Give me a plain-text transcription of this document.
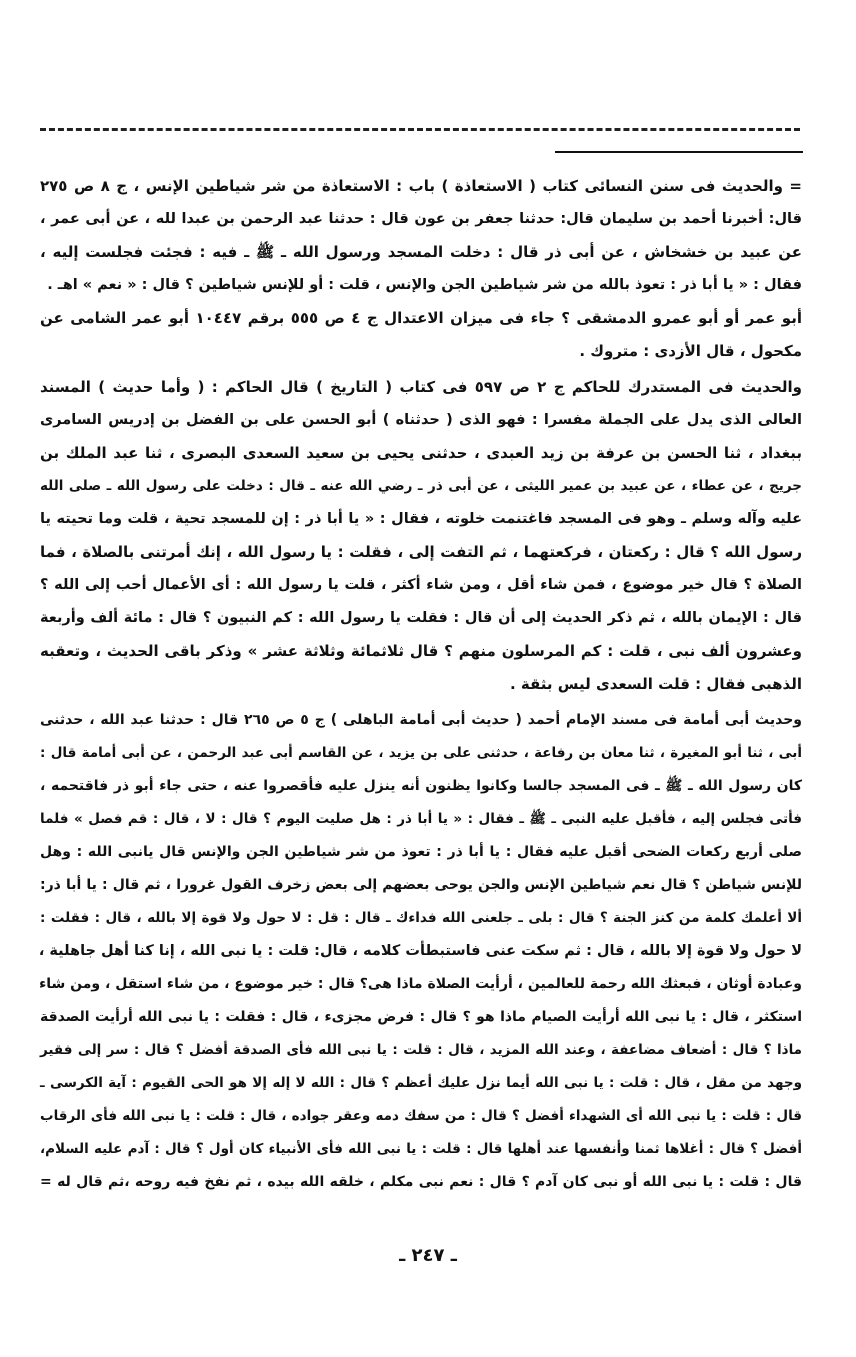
= والحديث فى سنن النسائى كتاب ( الاستعاذة ) باب : الاستعاذة من شر شياطين الإنس ، ج ٨ ص ٢٧٥
قال: أخبرنا أحمد بن سليمان قال: حدثنا جعفر بن عون قال : حدثنا عبد الرحمن بن عبدا لله ، عن أبى عمر ،
عن عبيد بن خشخاش ، عن أبى ذر قال : دخلت المسجد ورسول الله ـ ﷺ ـ فيه : فجئت فجلست إليه ،
فقال : « يا أبا ذر : تعوذ بالله من شر شياطين الجن والإنس ، قلت : أو للإنس شياطين ؟ قال : « نعم » اهـ .
أبو عمر أو أبو عمرو الدمشقى ؟ جاء فى ميزان الاعتدال ج ٤ ص ٥٥٥ برقم ١٠٤٤٧ أبو عمر الشامى عن
مكحول ، قال الأزدى : متروك .
والحديث فى المستدرك للحاكم ج ٢ ص ٥٩٧ فى كتاب ( التاريخ ) قال الحاكم : ( وأما حديث ) المسند
العالى الذى يدل على الجملة مفسرا : فهو الذى ( حدثناه ) أبو الحسن على بن الفضل بن إدريس السامرى
ببغداد ، ثنا الحسن بن عرفة بن زيد العبدى ، حدثنى يحيى بن سعيد السعدى البصرى ، ثنا عبد الملك بن
جريج ، عن عطاء ، عن عبيد بن عمير الليثى ، عن أبى ذر ـ رضي الله عنه ـ قال : دخلت على رسول الله ـ صلى الله
عليه وآله وسلم ـ وهو فى المسجد فاغتنمت خلوته ، فقال : « يا أبا ذر : إن للمسجد تحية ، قلت وما تحيته يا
رسول الله ؟ قال : ركعتان ، فركعتهما ، ثم التفت إلى ، فقلت : يا رسول الله ، إنك أمرتنى بالصلاة ، فما
الصلاة ؟ قال خير موضوع ، فمن شاء أقل ، ومن شاء أكثر ، قلت يا رسول الله : أى الأعمال أحب إلى الله ؟
قال : الإيمان بالله ، ثم ذكر الحديث إلى أن قال : فقلت يا رسول الله : كم النبيون ؟ قال : مائة ألف وأربعة
وعشرون ألف نبى ، قلت : كم المرسلون منهم ؟ قال ثلاثمائة وثلاثة عشر » وذكر باقى الحديث ، وتعقبه
الذهبى فقال : قلت السعدى ليس بثقة .
وحديث أبى أمامة فى مسند الإمام أحمد ( حديث أبى أمامة الباهلى ) ج ٥ ص ٢٦٥ قال : حدثنا عبد الله ، حدثنى
أبى ، ثنا أبو المغيرة ، ثنا معان بن رفاعة ، حدثنى على بن يزيد ، عن القاسم أبى عبد الرحمن ، عن أبى أمامة قال :
كان رسول الله ـ ﷺ ـ فى المسجد جالسا وكانوا يظنون أنه ينزل عليه فأقصروا عنه ، حتى جاء أبو ذر فاقتحمه ،
فأتى فجلس إليه ، فأقبل عليه النبى ـ ﷺ ـ فقال : « يا أبا ذر : هل صليت اليوم ؟ قال : لا ، قال : قم فصل » فلما
صلى أربع ركعات الضحى أقبل عليه فقال : يا أبا ذر : تعوذ من شر شياطين الجن والإنس قال يانبى الله : وهل
للإنس شياطن ؟ قال نعم شياطين الإنس والجن يوحى بعضهم إلى بعض زخرف القول غرورا ، ثم قال : يا أبا ذر:
ألا أعلمك كلمة من كنز الجنة ؟ قال : بلى ـ جلعنى الله فداءك ـ قال : قل : لا حول ولا قوة إلا بالله ، قال : فقلت :
لا حول ولا قوة إلا بالله ، قال : ثم سكت عنى فاستبطأت كلامه ، قال: قلت : يا نبى الله ، إنا كنا أهل جاهلية ،
وعبادة أوثان ، فبعثك الله رحمة للعالمين ، أرأيت الصلاة ماذا هى؟ قال : خير موضوع ، من شاء استقل ، ومن شاء
استكثر ، قال : يا نبى الله أرأيت الصيام ماذا هو ؟ قال : فرض مجزىء ، قال : فقلت : يا نبى الله أرأيت الصدقة
ماذا ؟ قال : أضعاف مضاعفة ، وعند الله المزيد ، قال : قلت : يا نبى الله فأى الصدقة أفضل ؟ قال : سر إلى فقير
وجهد من مقل ، قال : قلت : يا نبى الله أيما نزل عليك أعظم ؟ قال : الله لا إله إلا هو الحى القيوم : آية الكرسى ـ
قال : قلت : يا نبى الله أى الشهداء أفضل ؟ قال : من سفك دمه وعقر جواده ، قال : قلت : يا نبى الله فأى الرقاب
أفضل ؟ قال : أغلاها ثمنا وأنفسها عند أهلها قال : قلت : يا نبى الله فأى الأنبياء كان أول ؟ قال : آدم عليه السلام،
قال : قلت : يا نبى الله أو نبى كان آدم ؟ قال : نعم نبى مكلم ، خلقه الله بيده ، ثم نفخ فيه روحه ،ثم قال له =
ـ ٢٤٧ ـ
